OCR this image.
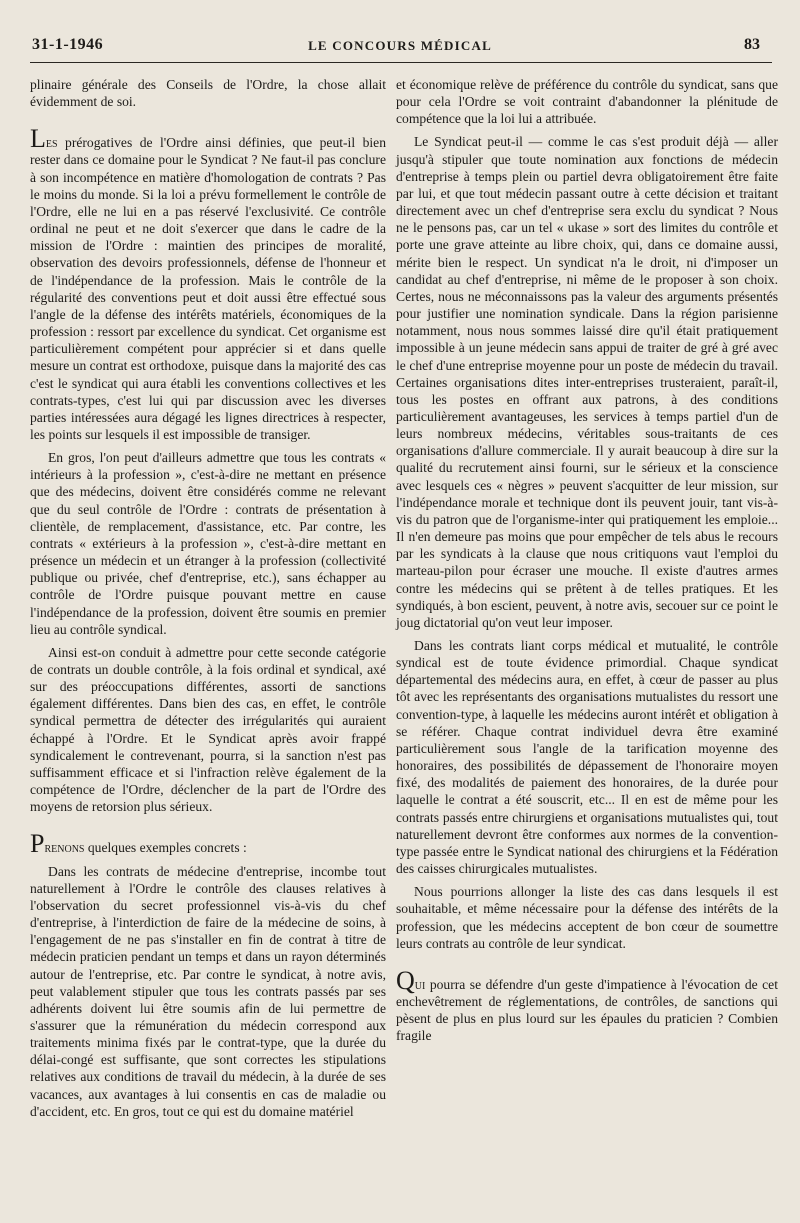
31-1-1946	LE CONCOURS MÉDICAL	83

plinaire générale des Conseils de l'Ordre, la chose allait évidemment de soi.

Les prérogatives de l'Ordre ainsi définies, que peut-il bien rester dans ce domaine pour le Syndicat ? Ne faut-il pas conclure à son incompétence en matière d'homologation de contrats ? Pas le moins du monde. Si la loi a prévu formellement le contrôle de l'Ordre, elle ne lui en a pas réservé l'exclusivité. Ce contrôle ordinal ne peut et ne doit s'exercer que dans le cadre de la mission de l'Ordre : maintien des principes de moralité, observation des devoirs professionnels, défense de l'honneur et de l'indépendance de la profession. Mais le contrôle de la régularité des conventions peut et doit aussi être effectué sous l'angle de la défense des intérêts matériels, économiques de la profession : ressort par excellence du syndicat. Cet organisme est particulièrement compétent pour apprécier si et dans quelle mesure un contrat est orthodoxe, puisque dans la majorité des cas c'est le syndicat qui aura établi les conventions collectives et les contrats-types, c'est lui qui par discussion avec les diverses parties intéressées aura dégagé les lignes directrices à respecter, les points sur lesquels il est impossible de transiger.

En gros, l'on peut d'ailleurs admettre que tous les contrats « intérieurs à la profession », c'est-à-dire ne mettant en présence que des médecins, doivent être considérés comme ne relevant que du seul contrôle de l'Ordre : contrats de présentation à clientèle, de remplacement, d'assistance, etc. Par contre, les contrats « extérieurs à la profession », c'est-à-dire mettant en présence un médecin et un étranger à la profession (collectivité publique ou privée, chef d'entreprise, etc.), sans échapper au contrôle de l'Ordre puisque pouvant mettre en cause l'indépendance de la profession, doivent être soumis en premier lieu au contrôle syndical.

Ainsi est-on conduit à admettre pour cette seconde catégorie de contrats un double contrôle, à la fois ordinal et syndical, axé sur des préoccupations différentes, assorti de sanctions également différentes. Dans bien des cas, en effet, le contrôle syndical permettra de détecter des irrégularités qui auraient échappé à l'Ordre. Et le Syndicat après avoir frappé syndicalement le contrevenant, pourra, si la sanction n'est pas suffisamment efficace et si l'infraction relève également de la compétence de l'Ordre, déclencher de la part de l'Ordre des moyens de retorsion plus sérieux.

Prenons quelques exemples concrets :

Dans les contrats de médecine d'entreprise, incombe tout naturellement à l'Ordre le contrôle des clauses relatives à l'observation du secret professionnel vis-à-vis du chef d'entreprise, à l'interdiction de faire de la médecine de soins, à l'engagement de ne pas s'installer en fin de contrat à titre de médecin praticien pendant un temps et dans un rayon déterminés autour de l'entreprise, etc. Par contre le syndicat, à notre avis, peut valablement stipuler que tous les contrats passés par ses adhérents doivent lui être soumis afin de lui permettre de s'assurer que la rémunération du médecin correspond aux traitements minima fixés par le contrat-type, que la durée du délai-congé est suffisante, que sont correctes les stipulations relatives aux conditions de travail du médecin, à la durée de ses vacances, aux avantages à lui consentis en cas de maladie ou d'accident, etc. En gros, tout ce qui est du domaine matériel

et économique relève de préférence du contrôle du syndicat, sans que pour cela l'Ordre se voit contraint d'abandonner la plénitude de compétence que la loi lui a attribuée.

Le Syndicat peut-il — comme le cas s'est produit déjà — aller jusqu'à stipuler que toute nomination aux fonctions de médecin d'entreprise à temps plein ou partiel devra obligatoirement être faite par lui, et que tout médecin passant outre à cette décision et traitant directement avec un chef d'entreprise sera exclu du syndicat ? Nous ne le pensons pas, car un tel « ukase » sort des limites du contrôle et porte une grave atteinte au libre choix, qui, dans ce domaine aussi, mérite bien le respect. Un syndicat n'a le droit, ni d'imposer un candidat au chef d'entreprise, ni même de le proposer à son choix. Certes, nous ne méconnaissons pas la valeur des arguments présentés pour justifier une nomination syndicale. Dans la région parisienne notamment, nous nous sommes laissé dire qu'il était pratiquement impossible à un jeune médecin sans appui de traiter de gré à gré avec le chef d'une entreprise moyenne pour un poste de médecin du travail. Certaines organisations dites inter-entreprises trusteraient, paraît-il, tous les postes en offrant aux patrons, à des conditions particulièrement avantageuses, les services à temps partiel d'un de leurs nombreux médecins, véritables sous-traitants de ces organisations d'allure commerciale. Il y aurait beaucoup à dire sur la qualité du recrutement ainsi fourni, sur le sérieux et la conscience avec lesquels ces « nègres » peuvent s'acquitter de leur mission, sur l'indépendance morale et technique dont ils peuvent jouir, tant vis-à-vis du patron que de l'organisme-inter qui pratiquement les emploie... Il n'en demeure pas moins que pour empêcher de tels abus le recours par les syndicats à la clause que nous critiquons vaut l'emploi du marteau-pilon pour écraser une mouche. Il existe d'autres armes contre les médecins qui se prêtent à de telles pratiques. Et les syndiqués, à bon escient, peuvent, à notre avis, secouer sur ce point le joug dictatorial qu'on veut leur imposer.

Dans les contrats liant corps médical et mutualité, le contrôle syndical est de toute évidence primordial. Chaque syndicat départemental des médecins aura, en effet, à cœur de passer au plus tôt avec les représentants des organisations mutualistes du ressort une convention-type, à laquelle les médecins auront intérêt et obligation à se référer. Chaque contrat individuel devra être examiné particulièrement sous l'angle de la tarification moyenne des honoraires, des possibilités de dépassement de l'honoraire moyen fixé, des modalités de paiement des honoraires, de la durée pour laquelle le contrat a été souscrit, etc... Il en est de même pour les contrats passés entre chirurgiens et organisations mutualistes qui, tout naturellement devront être conformes aux normes de la convention-type passée entre le Syndicat national des chirurgiens et la Fédération des caisses chirurgicales mutualistes.

Nous pourrions allonger la liste des cas dans lesquels il est souhaitable, et même nécessaire pour la défense des intérêts de la profession, que les médecins acceptent de bon cœur de soumettre leurs contrats au contrôle de leur syndicat.

Qui pourra se défendre d'un geste d'impatience à l'évocation de cet enchevêtrement de réglementations, de contrôles, de sanctions qui pèsent de plus en plus lourd sur les épaules du praticien ? Combien fragile
